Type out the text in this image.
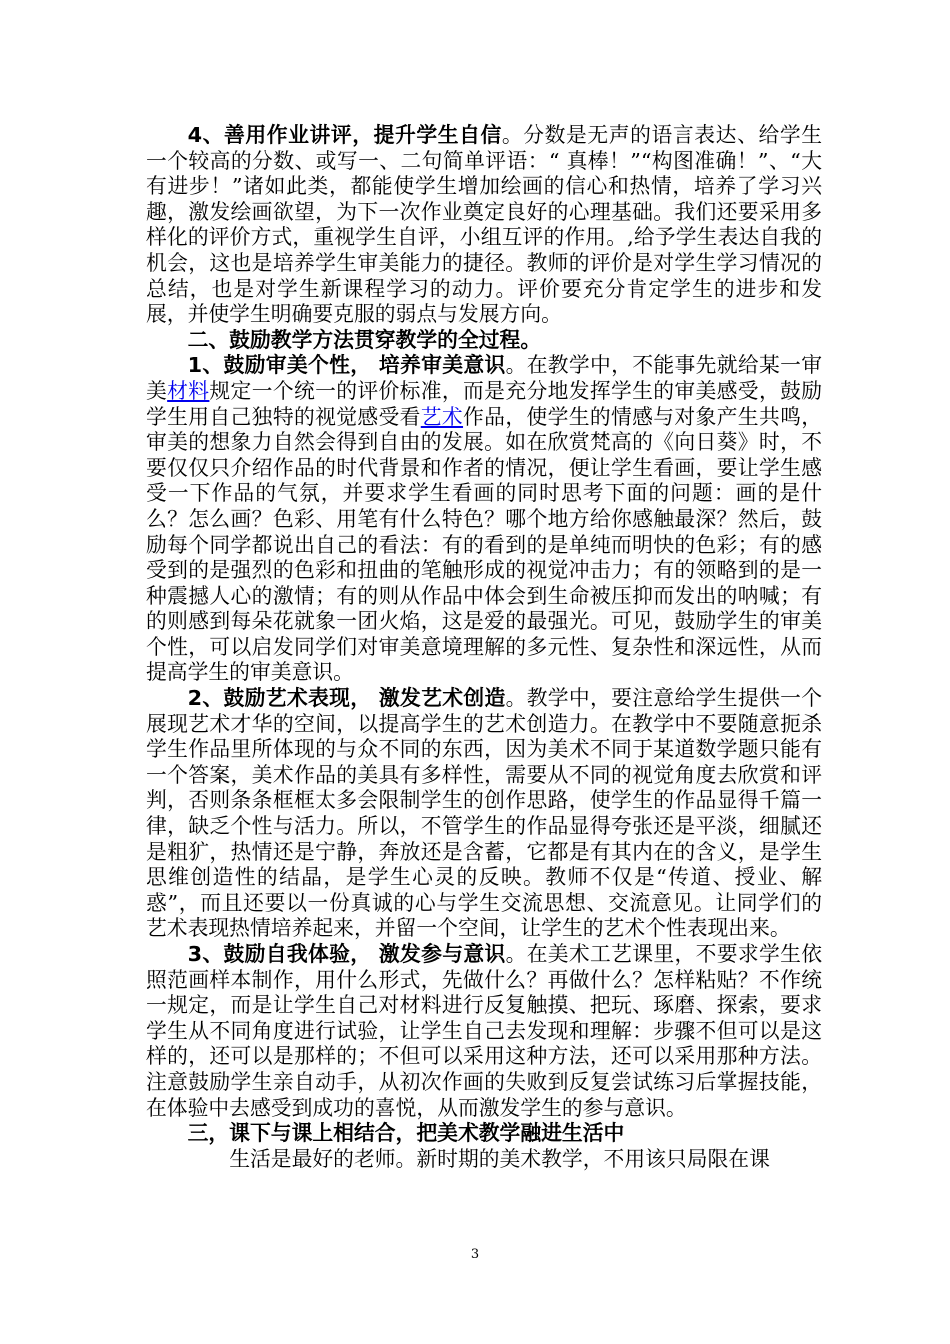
4、善用作业讲评，提升学生自信。分数是无声的语言表达、给学生一个较高的分数、或写一、二句简单评语：“ 真棒！”“构图准确！”、“大有进步！”诸如此类，都能使学生增加绘画的信心和热情，培养了学习兴趣，激发绘画欲望，为下一次作业奠定良好的心理基础。我们还要采用多样化的评价方式，重视学生自评，小组互评的作用。,给予学生表达自我的机会，这也是培养学生审美能力的捷径。教师的评价是对学生学习情况的总结，也是对学生新课程学习的动力。评价要充分肯定学生的进步和发展，并使学生明确要克服的弱点与发展方向。

二、鼓励教学方法贯穿教学的全过程。

1、鼓励审美个性， 培养审美意识。在教学中，不能事先就给某一审美材料规定一个统一的评价标准，而是充分地发挥学生的审美感受，鼓励学生用自己独特的视觉感受看艺术作品，使学生的情感与对象产生共鸣，审美的想象力自然会得到自由的发展。如在欣赏梵高的《向日葵》时，不要仅仅只介绍作品的时代背景和作者的情况，便让学生看画，要让学生感受一下作品的气氛，并要求学生看画的同时思考下面的问题：画的是什么？怎么画？色彩、用笔有什么特色？哪个地方给你感触最深？然后，鼓励每个同学都说出自己的看法：有的看到的是单纯而明快的色彩；有的感受到的是强烈的色彩和扭曲的笔触形成的视觉冲击力；有的领略到的是一种震撼人心的激情；有的则从作品中体会到生命被压抑而发出的呐喊；有的则感到每朵花就象一团火焰，这是爱的最强光。可见，鼓励学生的审美个性，可以启发同学们对审美意境理解的多元性、复杂性和深远性，从而提高学生的审美意识。

2、鼓励艺术表现， 激发艺术创造。教学中，要注意给学生提供一个展现艺术才华的空间，以提高学生的艺术创造力。在教学中不要随意扼杀学生作品里所体现的与众不同的东西，因为美术不同于某道数学题只能有一个答案，美术作品的美具有多样性，需要从不同的视觉角度去欣赏和评判，否则条条框框太多会限制学生的创作思路，使学生的作品显得千篇一律，缺乏个性与活力。所以，不管学生的作品显得夸张还是平淡，细腻还是粗犷，热情还是宁静，奔放还是含蓄，它都是有其内在的含义，是学生思维创造性的结晶，是学生心灵的反映。教师不仅是“传道、授业、解惑”，而且还要以一份真诚的心与学生交流思想、交流意见。让同学们的艺术表现热情培养起来，并留一个空间，让学生的艺术个性表现出来。

3、鼓励自我体验， 激发参与意识。在美术工艺课里，不要求学生依照范画样本制作，用什么形式，先做什么？再做什么？怎样粘贴？不作统一规定，而是让学生自己对材料进行反复触摸、把玩、琢磨、探索，要求学生从不同角度进行试验，让学生自己去发现和理解：步骤不但可以是这样的，还可以是那样的；不但可以采用这种方法，还可以采用那种方法。注意鼓励学生亲自动手，从初次作画的失败到反复尝试练习后掌握技能，在体验中去感受到成功的喜悦，从而激发学生的参与意识。

三，课下与课上相结合，把美术教学融进生活中

生活是最好的老师。新时期的美术教学，不用该只局限在课

3
